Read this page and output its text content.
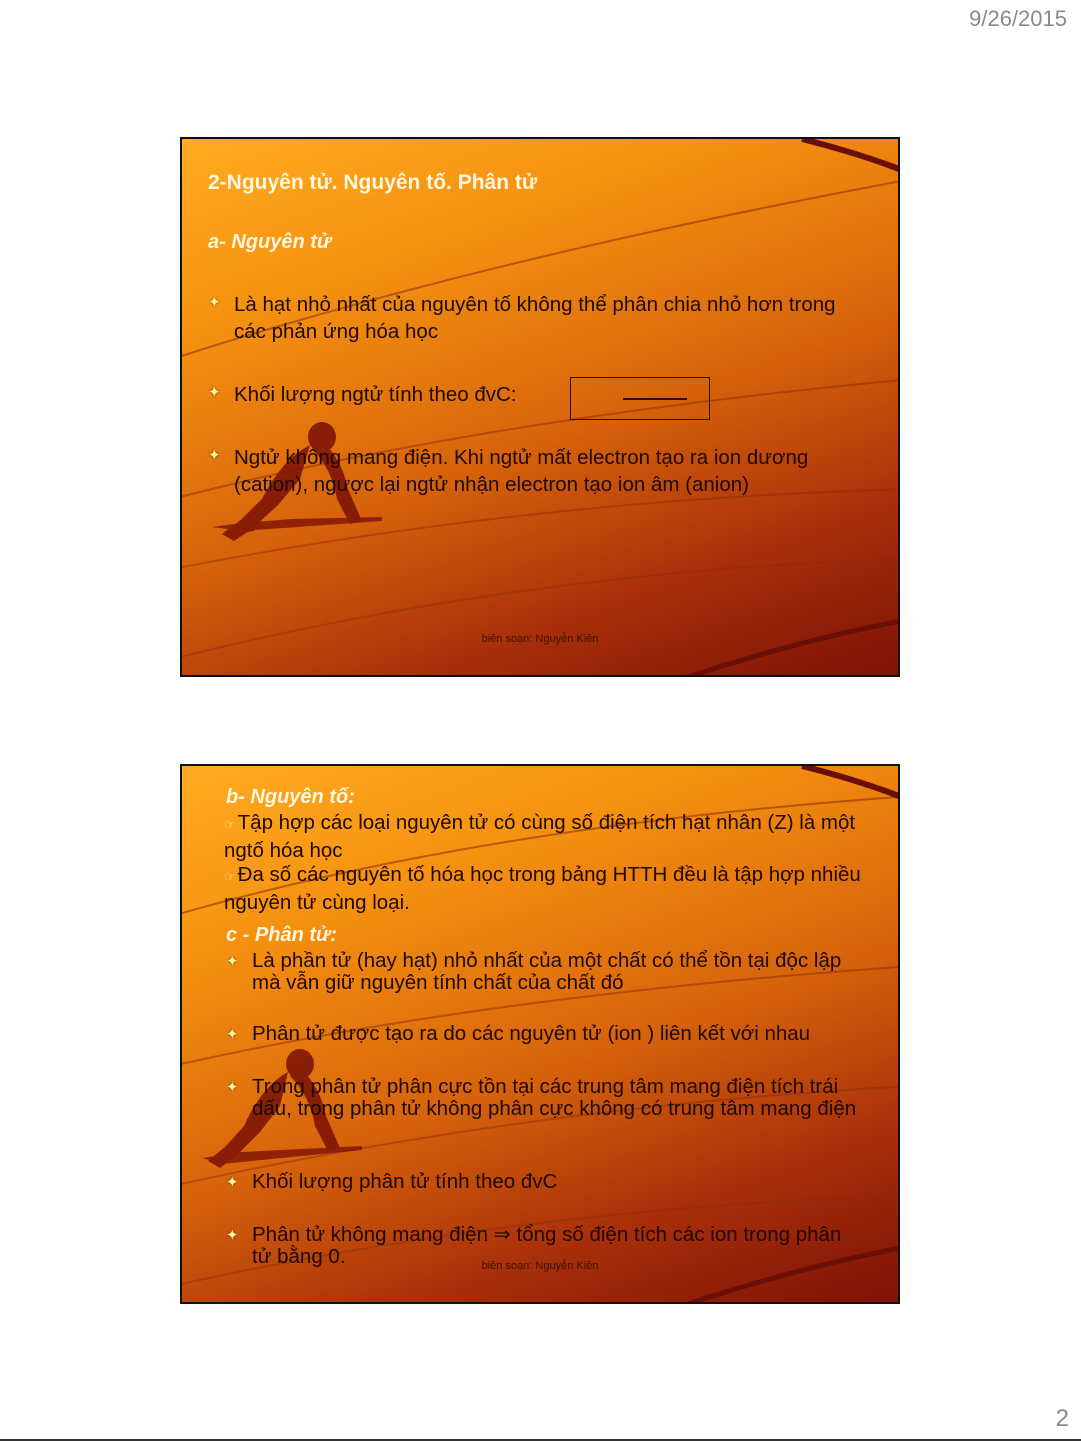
9/26/2015
2-Nguyên tử. Nguyên tố. Phân tử
a- Nguyên tử
✦ Là hạt nhỏ nhất của nguyên tố không thể phân chia nhỏ hơn trong các phản ứng hóa học
✦ Khối lượng ngtử tính theo đvC:
✦ Ngtử không mang điện. Khi ngtử mất electron tạo ra ion dương (cation), ngược lại ngtử nhận electron tạo ion âm (anion)
biên soạn: Nguyễn Kiên
b- Nguyên tố:
☞Tập hợp các loại nguyên tử có cùng số điện tích hạt nhân (Z) là một ngtố hóa học
☞Đa số các nguyên tố hóa học trong bảng HTTH đều là tập hợp nhiều nguyên tử cùng loại.
c - Phân tử:
✦ Là phần tử (hay hạt) nhỏ nhất của một chất có thể tồn tại độc lập mà vẫn giữ nguyên tính chất của chất đó
✦ Phân tử được tạo ra do các nguyên tử (ion ) liên kết với nhau
✦ Trong phân tử phân cực tồn tại các trung tâm mang điện tích trái dấu, trong phân tử không phân cực không có trung tâm mang điện
✦ Khối lượng phân tử tính theo đvC
✦ Phân tử không mang điện ⇒ tổng số điện tích các ion trong phân tử bằng 0.	biên soạn: Nguyễn Kiên
2
